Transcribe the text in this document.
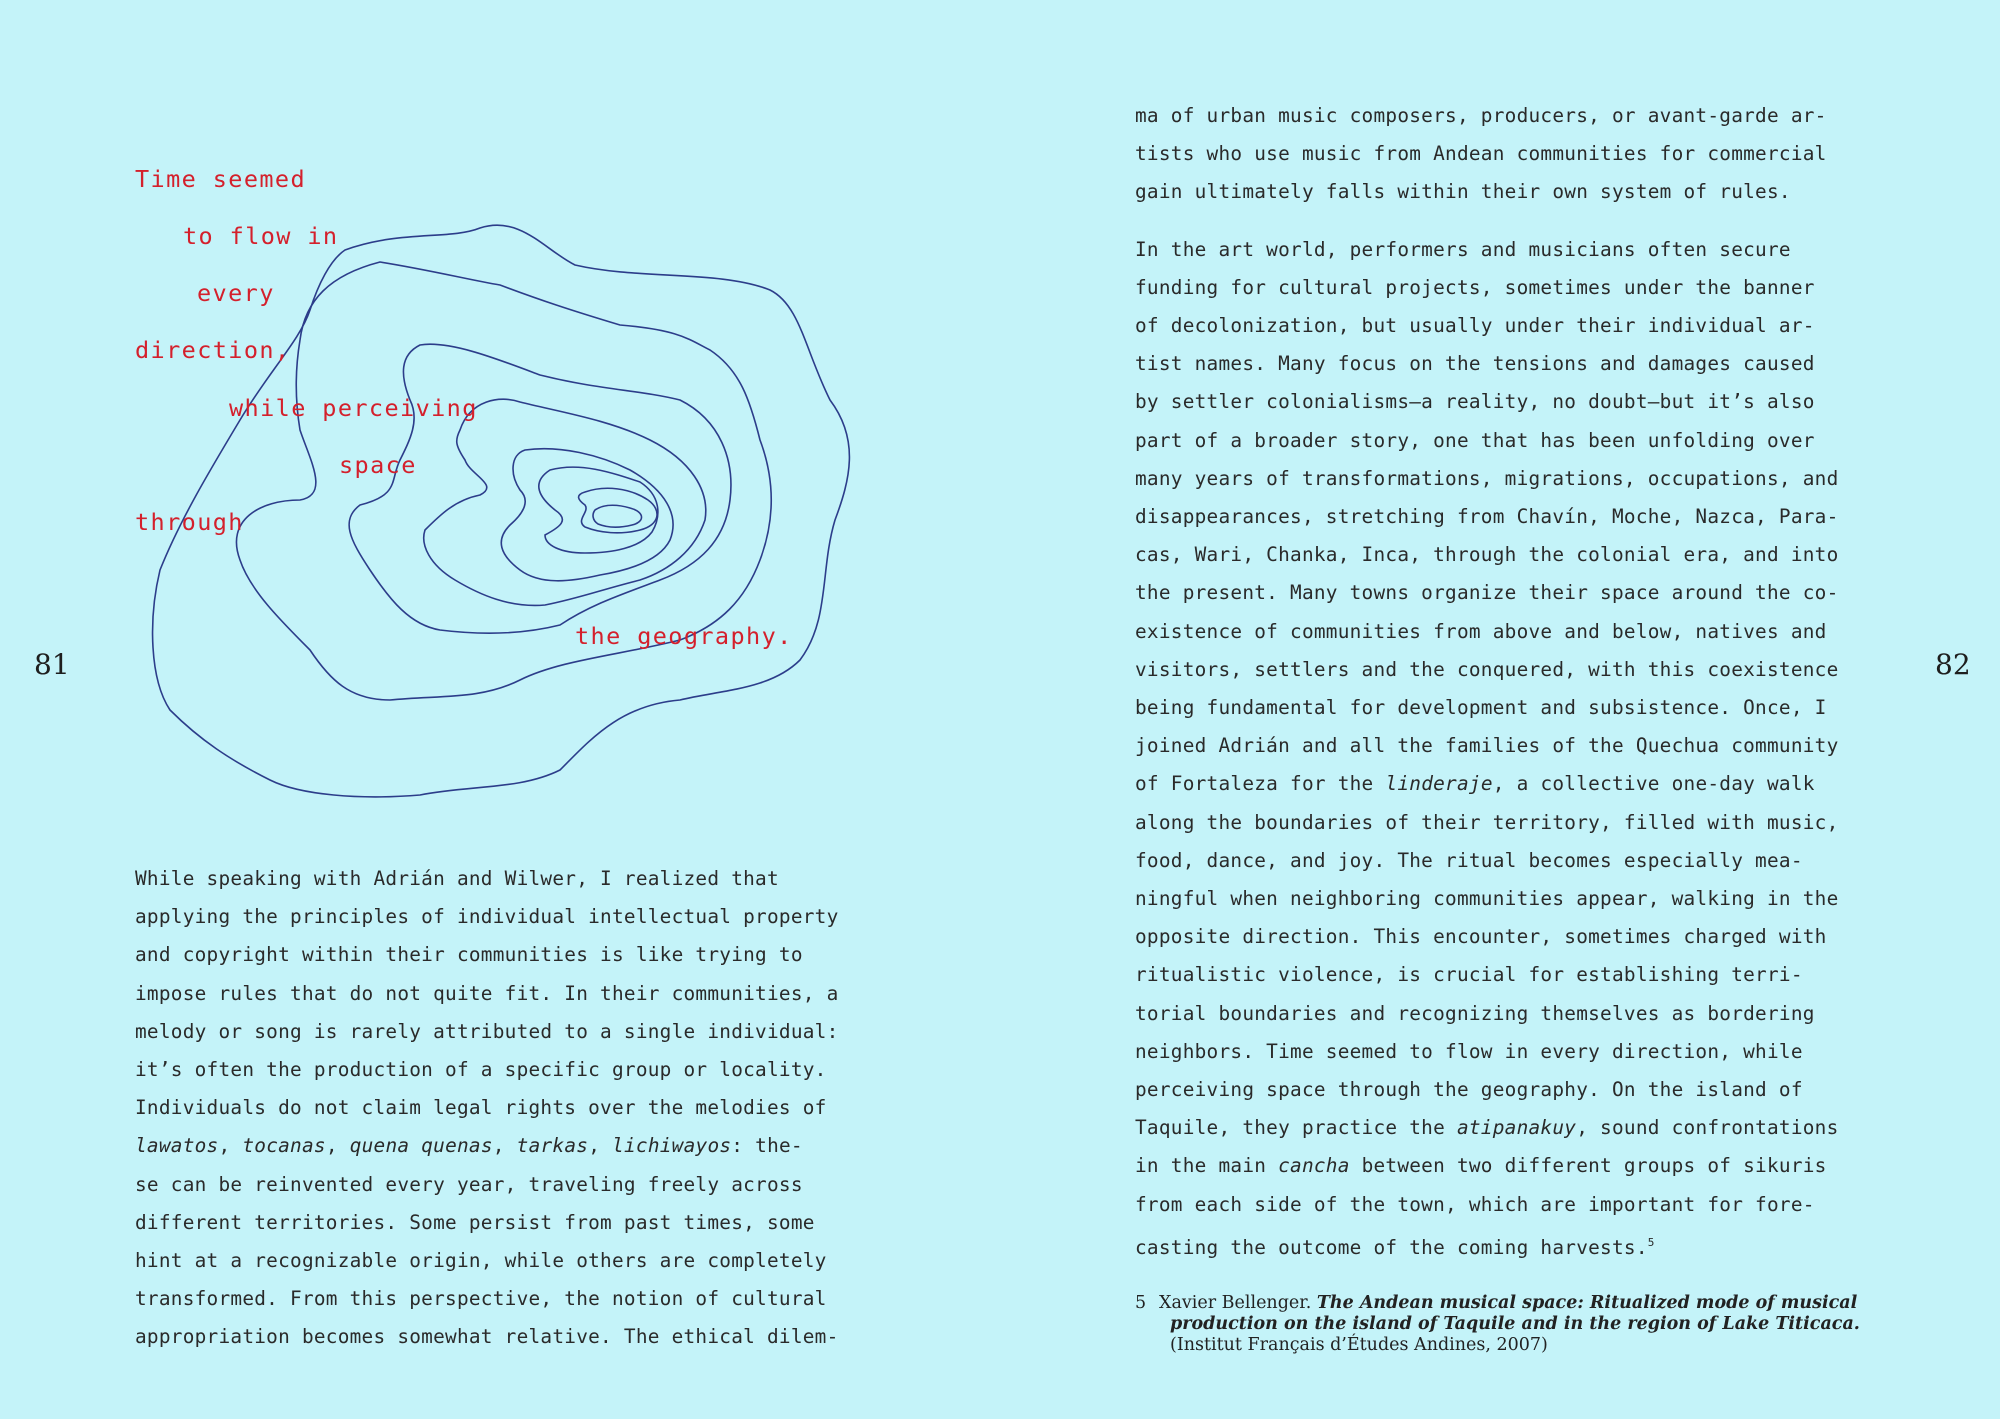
81	82
Time seemed
to flow in
every
direction,
while perceiving
space
through
the geography.

While speaking with Adrián and Wilwer, I realized that

applying the principles of individual intellectual property

and copyright within their communities is like trying to

impose rules that do not quite fit. In their communities, a

melody or song is rarely attributed to a single individual:

it’s often the production of a specific group or locality.

Individuals do not claim legal rights over the melodies of

lawatos, tocanas, quena quenas, tarkas, lichiwayos: the-

se can be reinvented every year, traveling freely across

different territories. Some persist from past times, some

hint at a recognizable origin, while others are completely

transformed. From this perspective, the notion of cultural

appropriation becomes somewhat relative. The ethical dilem-

ma of urban music composers, producers, or avant-garde ar-

tists who use music from Andean communities for commercial

gain ultimately falls within their own system of rules.

In the art world, performers and musicians often secure

funding for cultural projects, sometimes under the banner

of decolonization, but usually under their individual ar-

tist names. Many focus on the tensions and damages caused

by settler colonialisms—a reality, no doubt—but it’s also

part of a broader story, one that has been unfolding over

many years of transformations, migrations, occupations, and

disappearances, stretching from Chavín, Moche, Nazca, Para-

cas, Wari, Chanka, Inca, through the colonial era, and into

the present. Many towns organize their space around the co-

existence of communities from above and below, natives and

visitors, settlers and the conquered, with this coexistence

being fundamental for development and subsistence. Once, I

joined Adrián and all the families of the Quechua community

of Fortaleza for the linderaje, a collective one-day walk

along the boundaries of their territory, filled with music,

food, dance, and joy. The ritual becomes especially mea-

ningful when neighboring communities appear, walking in the

opposite direction. This encounter, sometimes charged with

ritualistic violence, is crucial for establishing terri-

torial boundaries and recognizing themselves as bordering

neighbors. Time seemed to flow in every direction, while

perceiving space through the geography. On the island of

Taquile, they practice the atipanakuy, sound confrontations

in the main cancha between two different groups of sikuris

from each side of the town, which are important for fore-

casting the outcome of the coming harvests.$^5$

5 Xavier Bellenger. The Andean musical space: Ritualized mode of musical
production on the island of Taquile and in the region of Lake Titicaca.
(Institut Français d’Études Andines, 2007)
